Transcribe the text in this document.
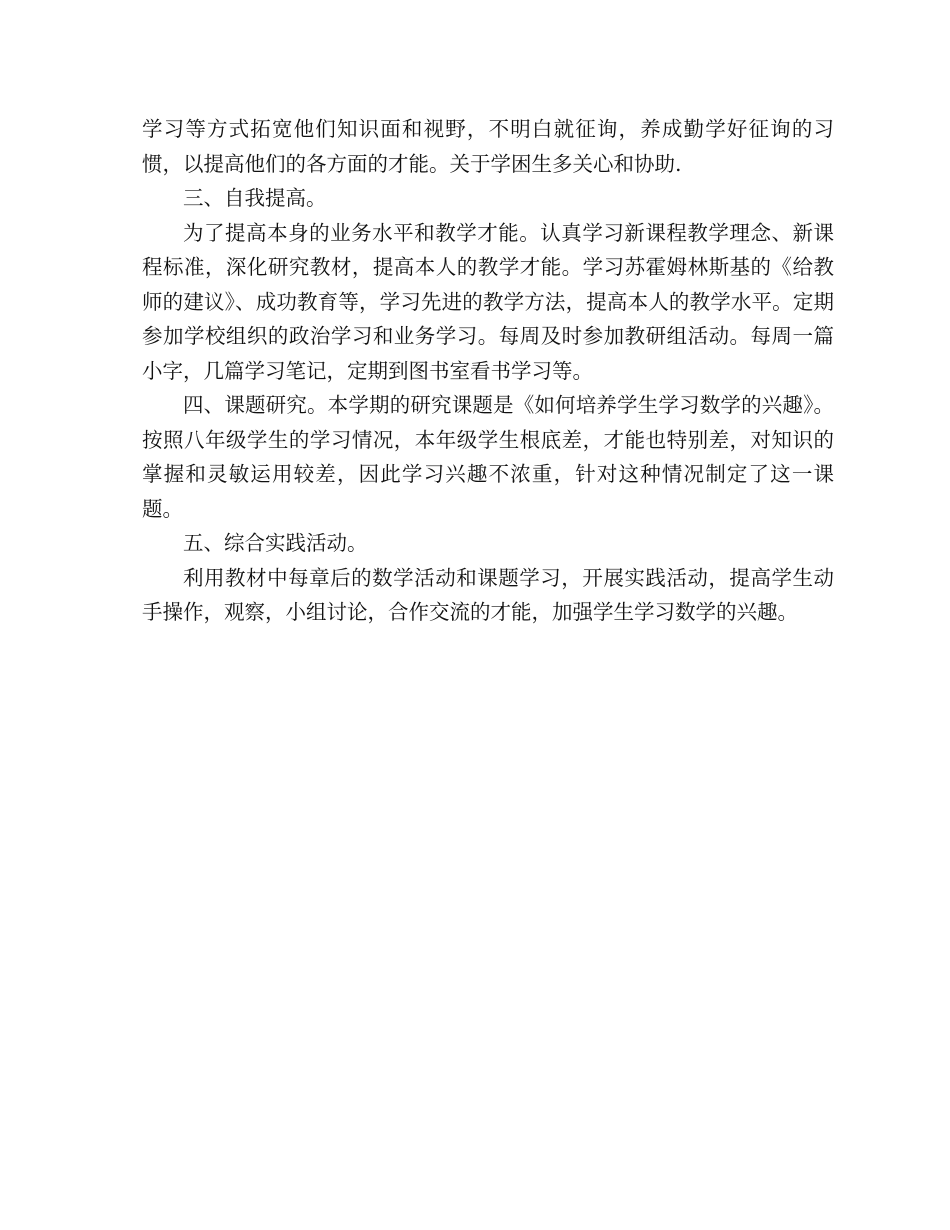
学习等方式拓宽他们知识面和视野，不明白就征询，养成勤学好征询的习惯，以提高他们的各方面的才能。关于学困生多关心和协助.

三、自我提高。

为了提高本身的业务水平和教学才能。认真学习新课程教学理念、新课程标准，深化研究教材，提高本人的教学才能。学习苏霍姆林斯基的《给教师的建议》、成功教育等，学习先进的教学方法，提高本人的教学水平。定期参加学校组织的政治学习和业务学习。每周及时参加教研组活动。每周一篇小字，几篇学习笔记，定期到图书室看书学习等。

四、课题研究。本学期的研究课题是《如何培养学生学习数学的兴趣》。按照八年级学生的学习情况，本年级学生根底差，才能也特别差，对知识的掌握和灵敏运用较差，因此学习兴趣不浓重，针对这种情况制定了这一课题。

五、综合实践活动。

利用教材中每章后的数学活动和课题学习，开展实践活动，提高学生动手操作，观察，小组讨论，合作交流的才能，加强学生学习数学的兴趣。
